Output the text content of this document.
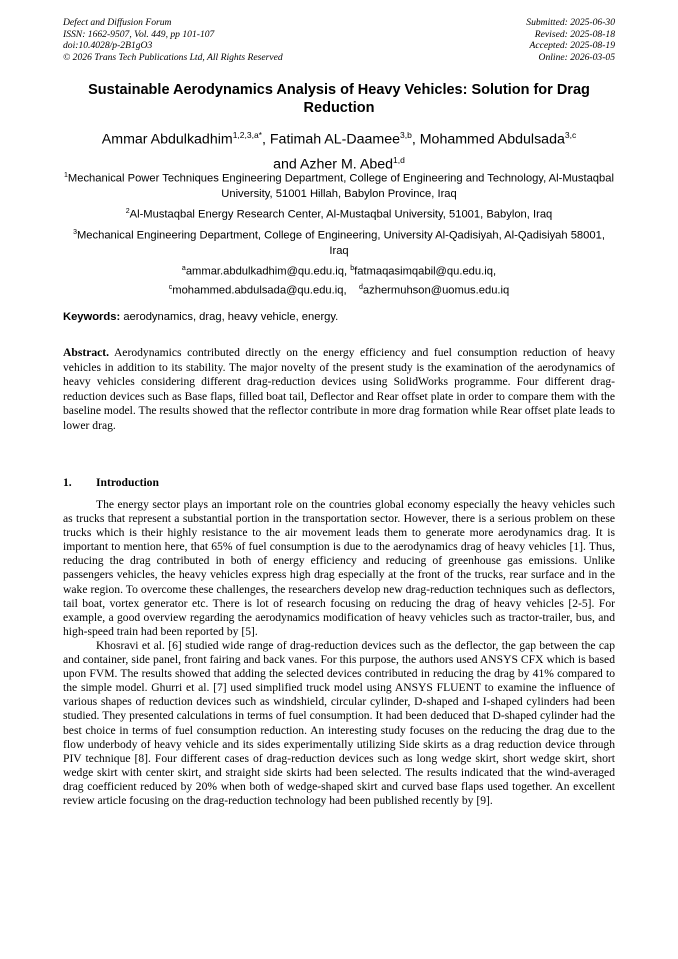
Defect and Diffusion Forum
ISSN: 1662-9507, Vol. 449, pp 101-107
doi:10.4028/p-2B1gO3
© 2026 Trans Tech Publications Ltd, All Rights Reserved
Submitted: 2025-06-30
Revised: 2025-08-18
Accepted: 2025-08-19
Online: 2026-03-05
Sustainable Aerodynamics Analysis of Heavy Vehicles: Solution for Drag Reduction
Ammar Abdulkadhim$^{1,2,3,a*}$, Fatimah AL-Daamee$^{3,b}$, Mohammed Abdulsada$^{3,c}$
and Azher M. Abed$^{1,d}$
$^1$Mechanical Power Techniques Engineering Department, College of Engineering and Technology, Al-Mustaqbal University, 51001 Hillah, Babylon Province, Iraq
$^2$Al-Mustaqbal Energy Research Center, Al-Mustaqbal University, 51001, Babylon, Iraq
$^3$Mechanical Engineering Department, College of Engineering, University Al-Qadisiyah, Al-Qadisiyah 58001, Iraq
$^a$ammar.abdulkadhim@qu.edu.iq, $^b$fatmaqasimqabil@qu.edu.iq,
$^c$mohammed.abdulsada@qu.edu.iq, $^d$azhermuhson@uomus.edu.iq
Keywords: aerodynamics, drag, heavy vehicle, energy.
Abstract. Aerodynamics contributed directly on the energy efficiency and fuel consumption reduction of heavy vehicles in addition to its stability. The major novelty of the present study is the examination of the aerodynamics of heavy vehicles considering different drag-reduction devices using SolidWorks programme. Four different drag-reduction devices such as Base flaps, filled boat tail, Deflector and Rear offset plate in order to compare them with the baseline model. The results showed that the reflector contribute in more drag formation while Rear offset plate leads to lower drag.
1. Introduction

The energy sector plays an important role on the countries global economy especially the heavy vehicles such as trucks that represent a substantial portion in the transportation sector. However, there is a serious problem on these trucks which is their highly resistance to the air movement leads them to generate more aerodynamics drag. It is important to mention here, that 65% of fuel consumption is due to the aerodynamics drag of heavy vehicles [1]. Thus, reducing the drag contributed in both of energy efficiency and reducing of greenhouse gas emissions. Unlike passengers vehicles, the heavy vehicles express high drag especially at the front of the trucks, rear surface and in the wake region. To overcome these challenges, the researchers develop new drag-reduction techniques such as deflectors, tail boat, vortex generator etc. There is lot of research focusing on reducing the drag of heavy vehicles [2-5]. For example, a good overview regarding the aerodynamics modification of heavy vehicles such as tractor-trailer, bus, and high-speed train had been reported by [5].

Khosravi et al. [6] studied wide range of drag-reduction devices such as the deflector, the gap between the cap and container, side panel, front fairing and back vanes. For this purpose, the authors used ANSYS CFX which is based upon FVM. The results showed that adding the selected devices contributed in reducing the drag by 41% compared to the simple model. Ghurri et al. [7] used simplified truck model using ANSYS FLUENT to examine the influence of various shapes of reduction devices such as windshield, circular cylinder, D-shaped and I-shaped cylinders had been studied. They presented calculations in terms of fuel consumption. It had been deduced that D-shaped cylinder had the best choice in terms of fuel consumption reduction. An interesting study focuses on the reducing the drag due to the flow underbody of heavy vehicle and its sides experimentally utilizing Side skirts as a drag reduction device through PIV technique [8]. Four different cases of drag-reduction devices such as long wedge skirt, short wedge skirt, short wedge skirt with center skirt, and straight side skirts had been selected. The results indicated that the wind-averaged drag coefficient reduced by 20% when both of wedge-shaped skirt and curved base flaps used together. An excellent review article focusing on the drag-reduction technology had been published recently by [9].
